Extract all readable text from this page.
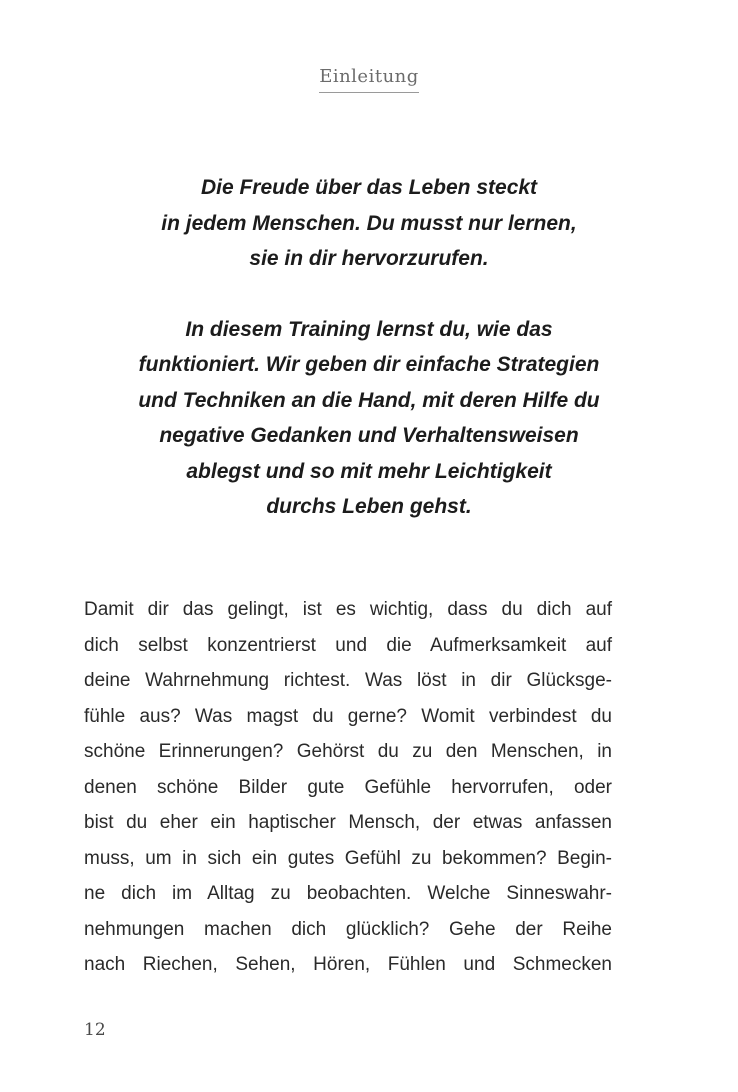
Einleitung

Die Freude über das Leben steckt
in jedem Menschen. Du musst nur lernen,
sie in dir hervorzurufen.

In diesem Training lernst du, wie das
funktioniert. Wir geben dir einfache Strategien
und Techniken an die Hand, mit deren Hilfe du
negative Gedanken und Verhaltensweisen
ablegst und so mit mehr Leichtigkeit
durchs Leben gehst.

Damit dir das gelingt, ist es wichtig, dass du dich auf
dich selbst konzentrierst und die Aufmerksamkeit auf
deine Wahrnehmung richtest. Was löst in dir Glücksge-
fühle aus? Was magst du gerne? Womit verbindest du
schöne Erinnerungen? Gehörst du zu den Menschen, in
denen schöne Bilder gute Gefühle hervorrufen, oder
bist du eher ein haptischer Mensch, der etwas anfassen
muss, um in sich ein gutes Gefühl zu bekommen? Begin-
ne dich im Alltag zu beobachten. Welche Sinneswahr-
nehmungen machen dich glücklich? Gehe der Reihe
nach Riechen, Sehen, Hören, Fühlen und Schmecken
12
